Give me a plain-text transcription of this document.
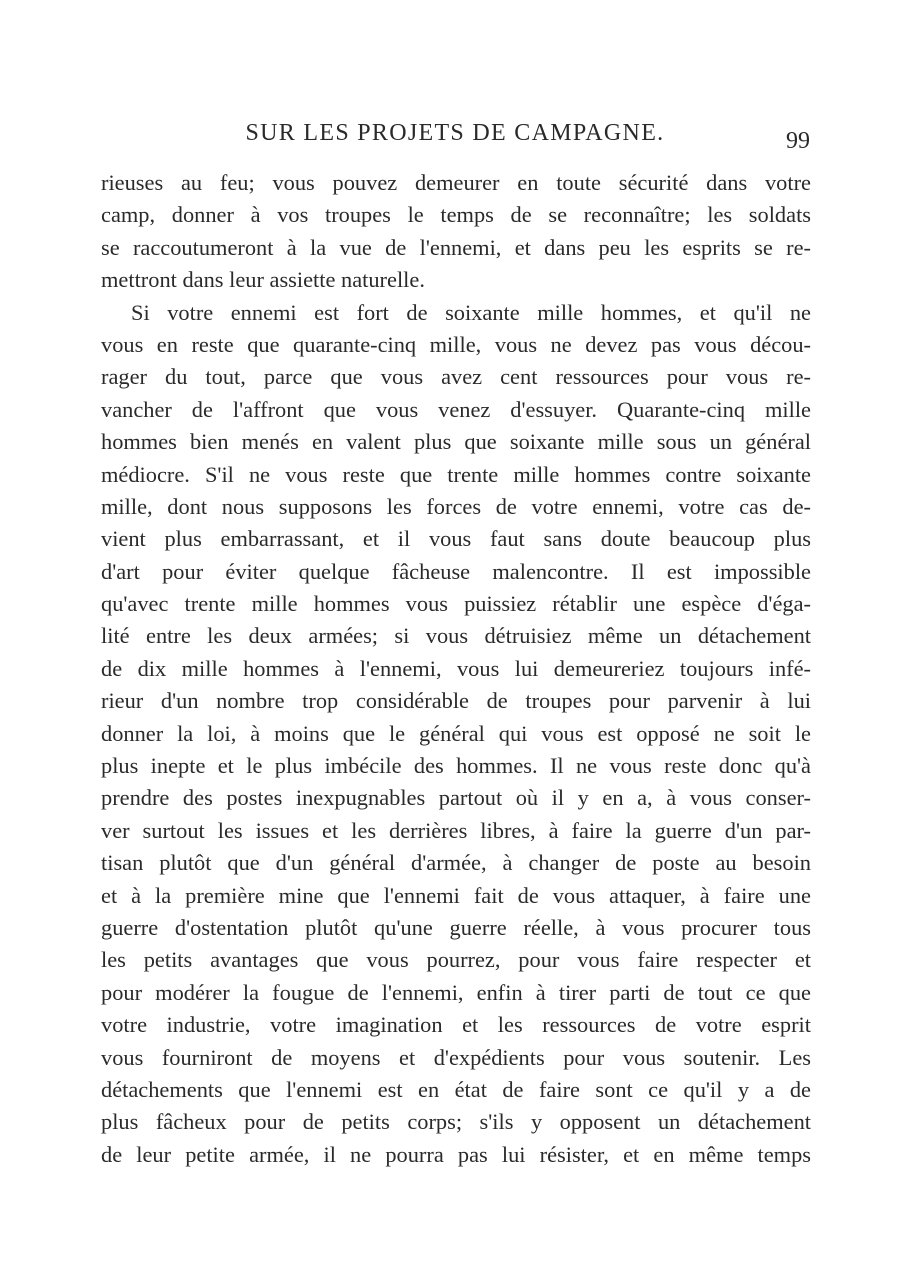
SUR LES PROJETS DE CAMPAGNE.	99
rieuses au feu; vous pouvez demeurer en toute sécurité dans votre
camp, donner à vos troupes le temps de se reconnaître; les soldats
se raccoutumeront à la vue de l'ennemi, et dans peu les esprits se re-
mettront dans leur assiette naturelle.
Si votre ennemi est fort de soixante mille hommes, et qu'il ne
vous en reste que quarante-cinq mille, vous ne devez pas vous décou-
rager du tout, parce que vous avez cent ressources pour vous re-
vancher de l'affront que vous venez d'essuyer. Quarante-cinq mille
hommes bien menés en valent plus que soixante mille sous un général
médiocre. S'il ne vous reste que trente mille hommes contre soixante
mille, dont nous supposons les forces de votre ennemi, votre cas de-
vient plus embarrassant, et il vous faut sans doute beaucoup plus
d'art pour éviter quelque fâcheuse malencontre. Il est impossible
qu'avec trente mille hommes vous puissiez rétablir une espèce d'éga-
lité entre les deux armées; si vous détruisiez même un détachement
de dix mille hommes à l'ennemi, vous lui demeureriez toujours infé-
rieur d'un nombre trop considérable de troupes pour parvenir à lui
donner la loi, à moins que le général qui vous est opposé ne soit le
plus inepte et le plus imbécile des hommes. Il ne vous reste donc qu'à
prendre des postes inexpugnables partout où il y en a, à vous conser-
ver surtout les issues et les derrières libres, à faire la guerre d'un par-
tisan plutôt que d'un général d'armée, à changer de poste au besoin
et à la première mine que l'ennemi fait de vous attaquer, à faire une
guerre d'ostentation plutôt qu'une guerre réelle, à vous procurer tous
les petits avantages que vous pourrez, pour vous faire respecter et
pour modérer la fougue de l'ennemi, enfin à tirer parti de tout ce que
votre industrie, votre imagination et les ressources de votre esprit
vous fourniront de moyens et d'expédients pour vous soutenir. Les
détachements que l'ennemi est en état de faire sont ce qu'il y a de
plus fâcheux pour de petits corps; s'ils y opposent un détachement
de leur petite armée, il ne pourra pas lui résister, et en même temps
